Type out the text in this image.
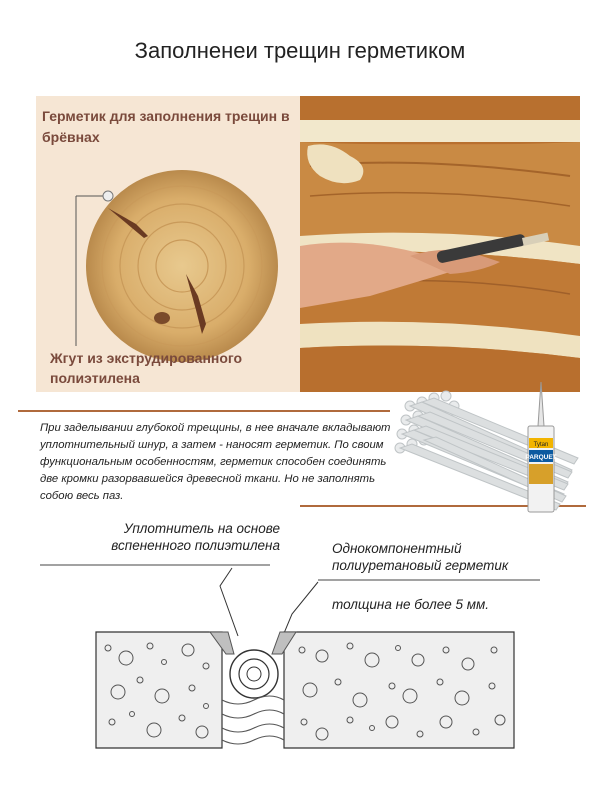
Заполненеи трещин герметиком
Герметик для заполнения трещин в брёвнах
Жгут из экструдированного полиэтилена
При заделывании глубокой трещины, в нее вначале вкладывают уплотнительный шнур, а затем - наносят герметик. По своим функциональным особенностям, герметик способен соединять две кромки разорвавшейся древесной ткани. Но не заполнять собою весь паз.
Tytan
PARQUET
Уплотнитель на основе вспененного полиэтилена	Однокомпонентный полиуретановый герметик
толщина не более 5 мм.
